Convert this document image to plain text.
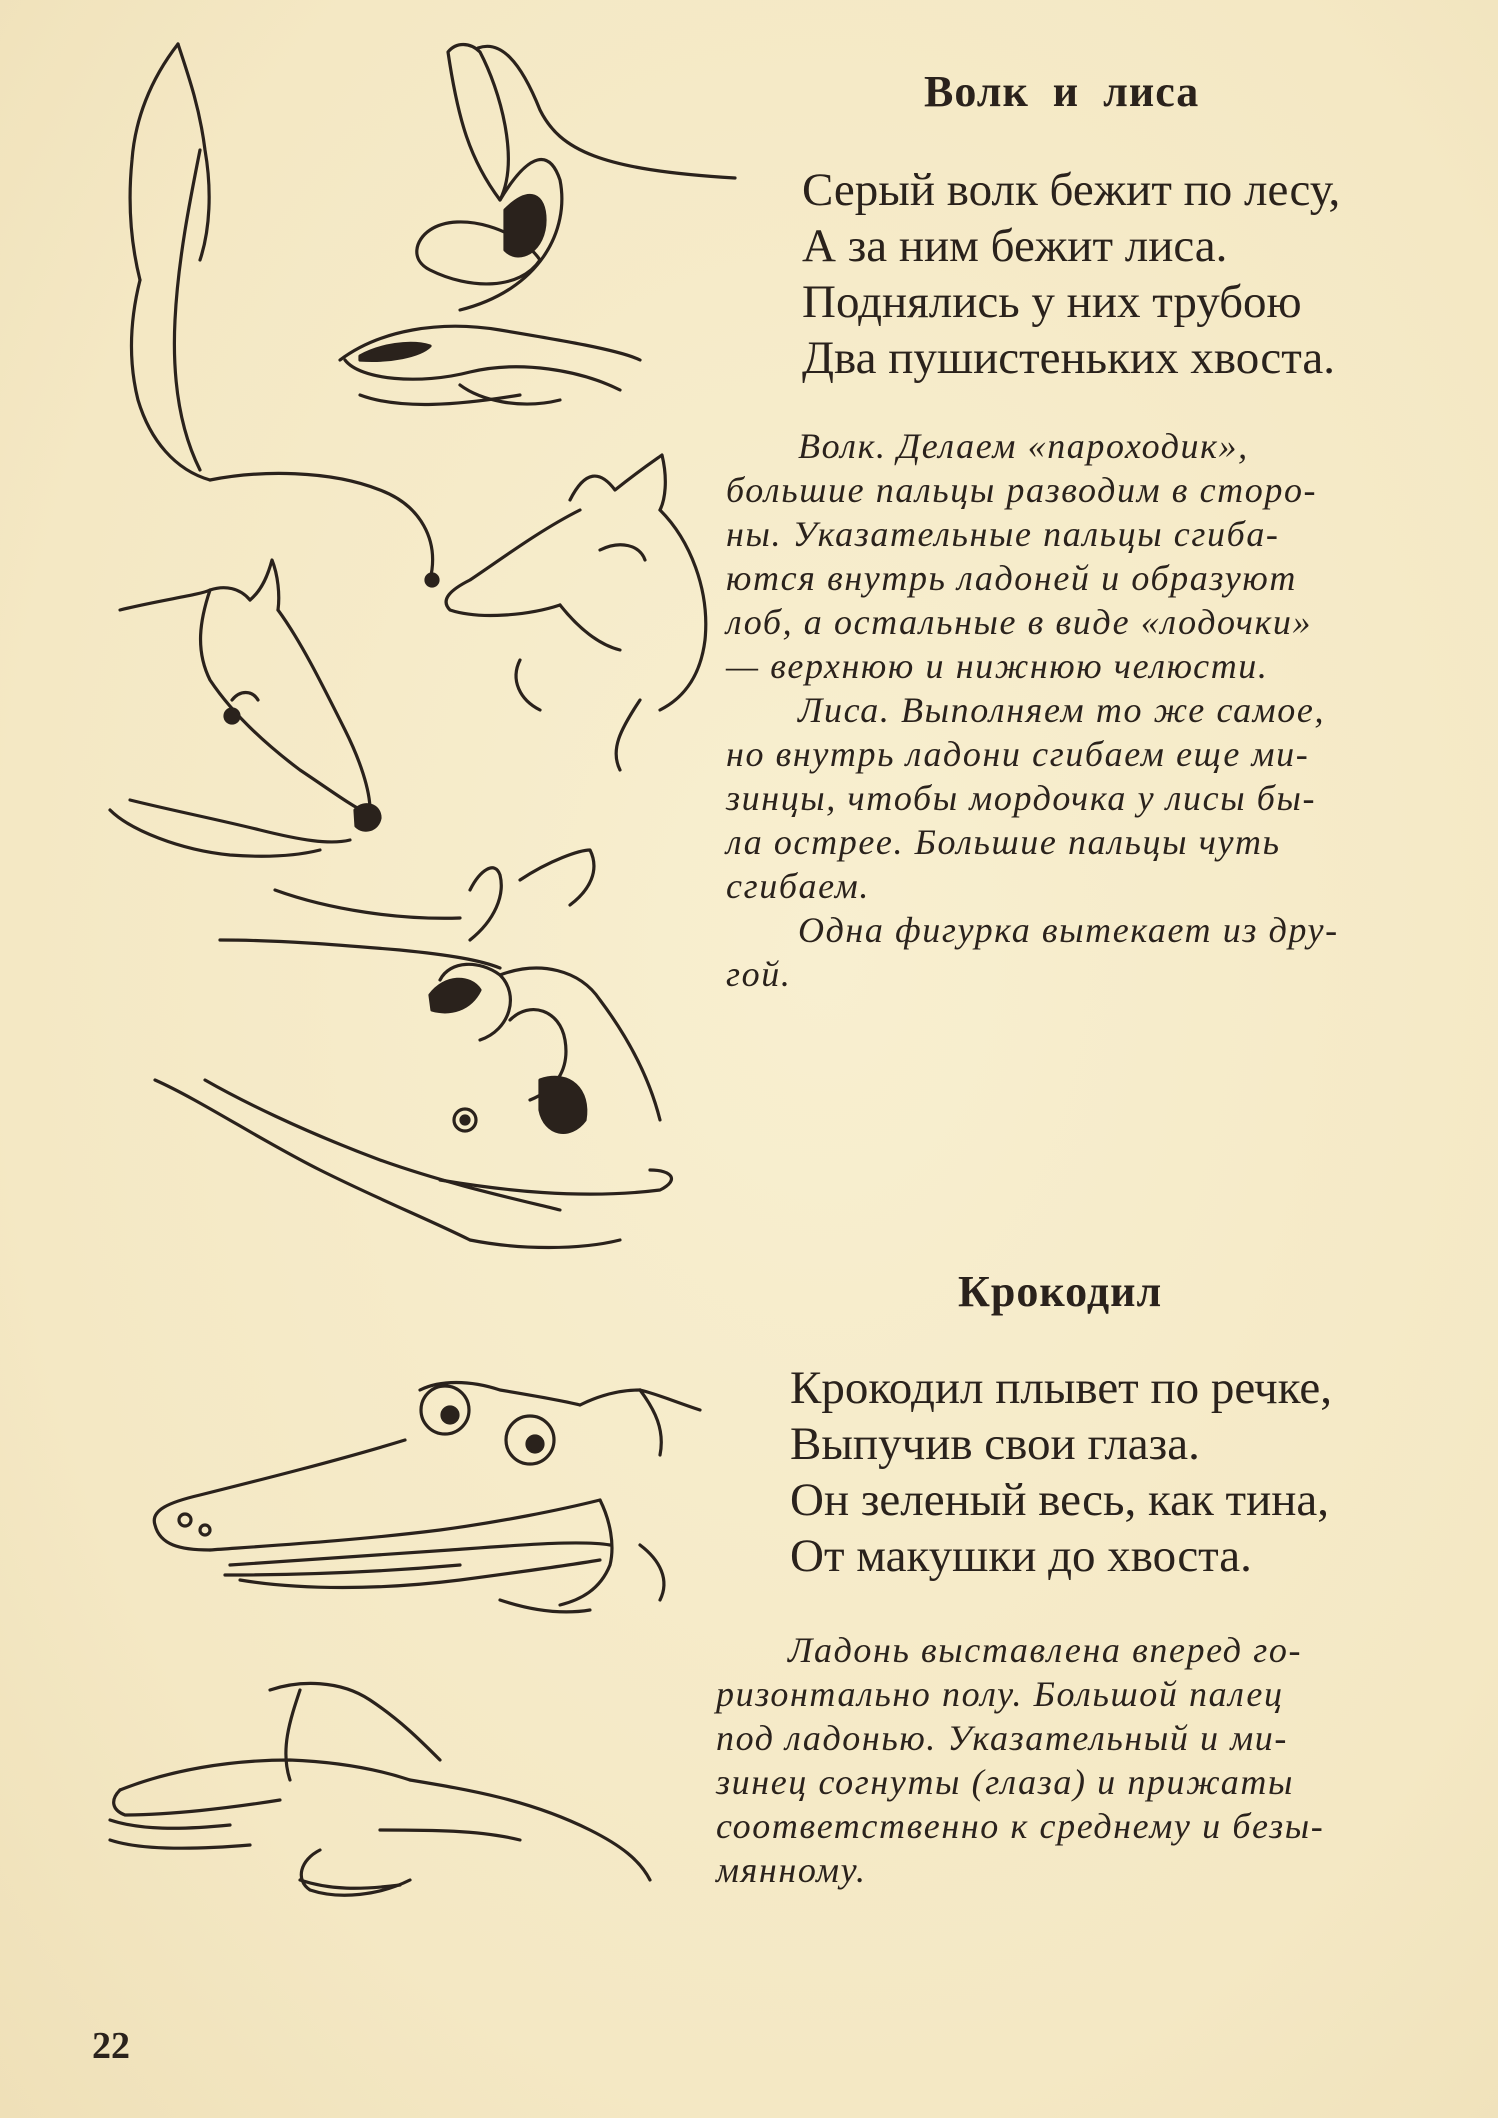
Волк и лиса
Серый волк бежит по лесу,
А за ним бежит лиса.
Поднялись у них трубою
Два пушистеньких хвоста.
Волк. Делаем «пароходик»,
большие пальцы разводим в сторо-
ны. Указательные пальцы сгиба-
ются внутрь ладоней и образуют
лоб, а остальные в виде «лодочки»
— верхнюю и нижнюю челюсти.
Лиса. Выполняем то же самое,
но внутрь ладони сгибаем еще ми-
зинцы, чтобы мордочка у лисы бы-
ла острее. Большие пальцы чуть
сгибаем.
Одна фигурка вытекает из дру-
гой.
Крокодил
Крокодил плывет по речке,
Выпучив свои глаза.
Он зеленый весь, как тина,
От макушки до хвоста.
Ладонь выставлена вперед го-
ризонтально полу. Большой палец
под ладонью. Указательный и ми-
зинец согнуты (глаза) и прижаты
соответственно к среднему и безы-
мянному.
22
